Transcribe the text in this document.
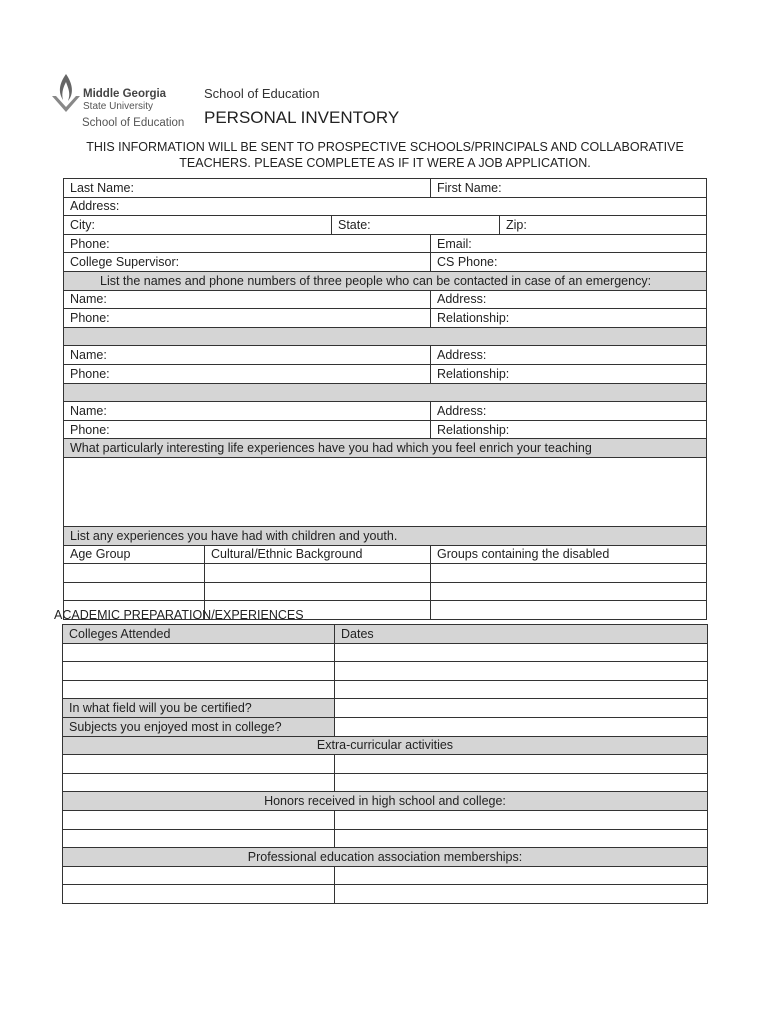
Middle Georgia
State University
School of Education
School of Education
PERSONAL INVENTORY
THIS INFORMATION WILL BE SENT TO PROSPECTIVE SCHOOLS/PRINCIPALS AND COLLABORATIVE
TEACHERS. PLEASE COMPLETE AS IF IT WERE A JOB APPLICATION.
Last Name:			First Name:	
Address:				
City:		State:		Zip:
Phone:			Email:	
College Supervisor:			CS Phone:	
List the names and phone numbers of three people who can be contacted in case of an emergency:				
Name:			Address:	
Phone:			Relationship:	

Name:			Address:	
Phone:			Relationship:	

Name:			Address:	
Phone:			Relationship:	
What particularly interesting life experiences have you had which you feel enrich your teaching				

List any experiences you have had with children and youth.				
Age Group	Cultural/Ethnic Background		Groups containing the disabled	

ACADEMIC PREPARATION/EXPERIENCES
Colleges Attended	Dates

In what field will you be certified?	
Subjects you enjoyed most in college?	
Extra-curricular activities	

Honors received in high school and college:	

Professional education association memberships:	
